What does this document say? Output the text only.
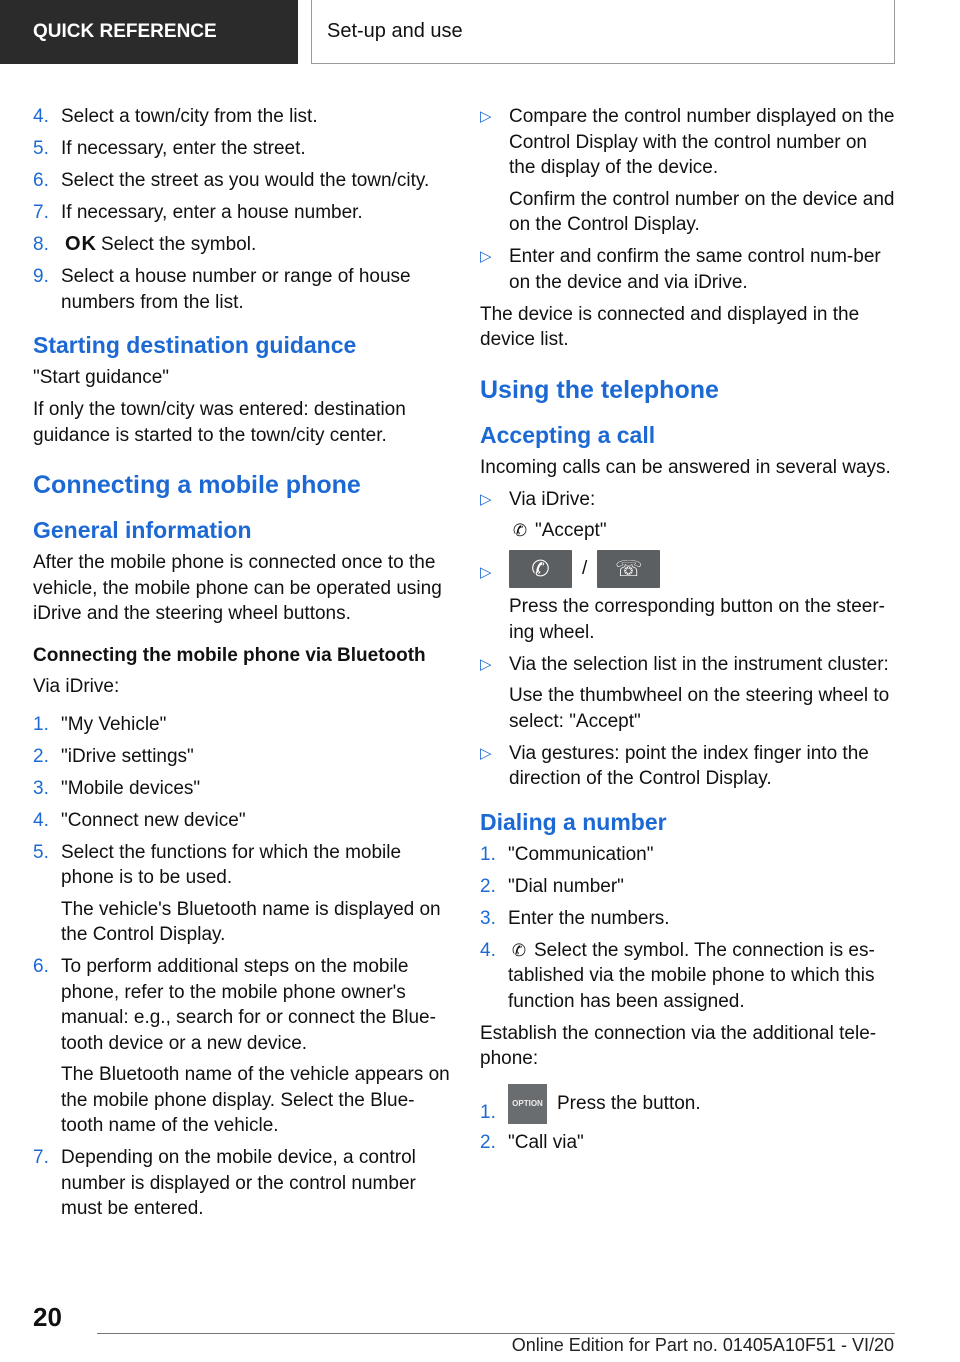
QUICK REFERENCE	Set-up and use
4. Select a town/city from the list.
5. If necessary, enter the street.
6. Select the street as you would the town/city.
7. If necessary, enter a house number.
8. OK Select the symbol.
9. Select a house number or range of house numbers from the list.
Starting destination guidance

"Start guidance"

If only the town/city was entered: destination guidance is started to the town/city center.

Connecting a mobile phone
General information

After the mobile phone is connected once to the vehicle, the mobile phone can be operated using iDrive and the steering wheel buttons.

Connecting the mobile phone via Bluetooth

Via iDrive:

1. "My Vehicle"
2. "iDrive settings"
3. "Mobile devices"
4. "Connect new device"
5. Select the functions for which the mobile phone is to be used.

The vehicle's Bluetooth name is displayed on the Control Display.

6. To perform additional steps on the mobile phone, refer to the mobile phone owner's manual: e.g., search for or connect the Blue-tooth device or a new device.

The Bluetooth name of the vehicle appears on the mobile phone display. Select the Blue-tooth name of the vehicle.

7. Depending on the mobile device, a control number is displayed or the control number must be entered.
▷ Compare the control number displayed on the Control Display with the control number on the display of the device.

Confirm the control number on the device and on the Control Display.

▷ Enter and confirm the same control num-ber on the device and via iDrive.

The device is connected and displayed in the device list.

Using the telephone
Accepting a call

Incoming calls can be answered in several ways.

▷ Via iDrive:

✆ "Accept"

▷ ✆ / ☏

Press the corresponding button on the steer-ing wheel.

▷ Via the selection list in the instrument cluster:

Use the thumbwheel on the steering wheel to select: "Accept"

▷ Via gestures: point the index finger into the direction of the Control Display.
Dialing a number
1. "Communication"
2. "Dial number"
3. Enter the numbers.
4. ✆ Select the symbol. The connection is es-tablished via the mobile phone to which this function has been assigned.

Establish the connection via the additional tele-phone:

1. OPTION Press the button.
2. "Call via"
20
Online Edition for Part no. 01405A10F51 - VI/20
